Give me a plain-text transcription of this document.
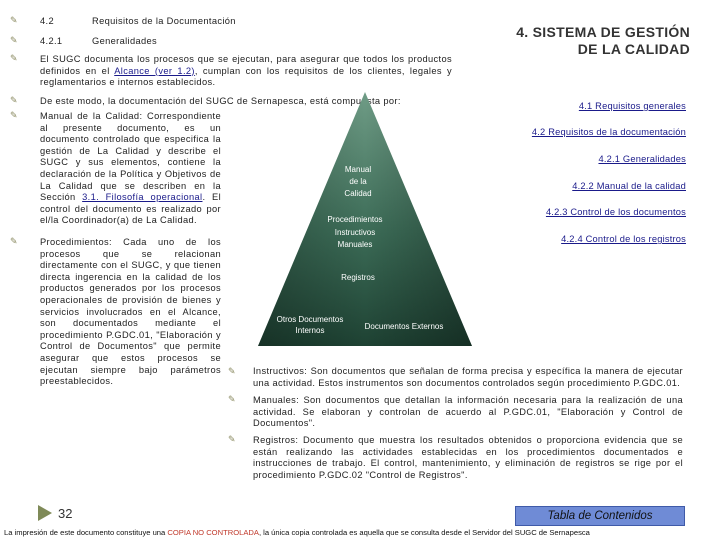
✎ 4.2	Requisitos de la Documentación
✎ 4.2.1	Generalidades
4. SISTEMA DE GESTIÓN
DE LA CALIDAD
✎ El SUGC documenta los procesos que se ejecutan, para asegurar que todos los productos definidos en el Alcance (ver 1.2), cumplan con los requisitos de los clientes, legales y reglamentarios e internos establecidos.
✎ De este modo, la documentación del SUGC de Sernapesca, está compuesta por:
✎ Manual de la Calidad: Correspondiente al presente documento, es un documento controlado que especifica la gestión de La Calidad y describe el SUGC y sus elementos, contiene la declaración de la Política y Objetivos de La Calidad que se describen en la Sección 3.1. Filosofía operacional. El control del documento es realizado por el/la Coordinador(a) de La Calidad.
✎ Procedimientos: Cada uno de los procesos que se relacionan directamente con el SUGC, y que tienen directa ingerencia en la calidad de los productos generados por los procesos operacionales de provisión de bienes y servicios involucrados en el Alcance, son documentados mediante el procedimiento P.GDC.01, "Elaboración y Control de Documentos" que permite asegurar que estos procesos se ejecutan siempre bajo parámetros preestablecidos.
Manual
de la
Calidad
Procedimientos
Instructivos
Manuales
Registros
Otros Documentos
Internos	Documentos Externos
4.1 Requisitos generales
4.2 Requisitos de la documentación
4.2.1 Generalidades
4.2.2 Manual de la calidad
4.2.3 Control de los documentos
4.2.4 Control de los registros
✎ Instructivos: Son documentos que señalan de forma precisa y específica la manera de ejecutar una actividad. Estos instrumentos son documentos controlados según procedimiento P.GDC.01.
✎ Manuales: Son documentos que detallan la información necesaria para la realización de una actividad. Se elaboran y controlan de acuerdo al P.GDC.01, "Elaboración y Control de Documentos".
✎ Registros: Documento que muestra los resultados obtenidos o proporciona evidencia que se están realizando las actividades establecidas en los procedimientos documentados e instrucciones de trabajo. El control, mantenimiento, y eliminación de registros se rige por el procedimiento P.GDC.02 "Control de Registros".
32	Tabla de Contenidos
La impresión de este documento constituye una COPIA NO CONTROLADA, la única copia controlada es aquella que se consulta desde el Servidor del SUGC de Sernapesca
